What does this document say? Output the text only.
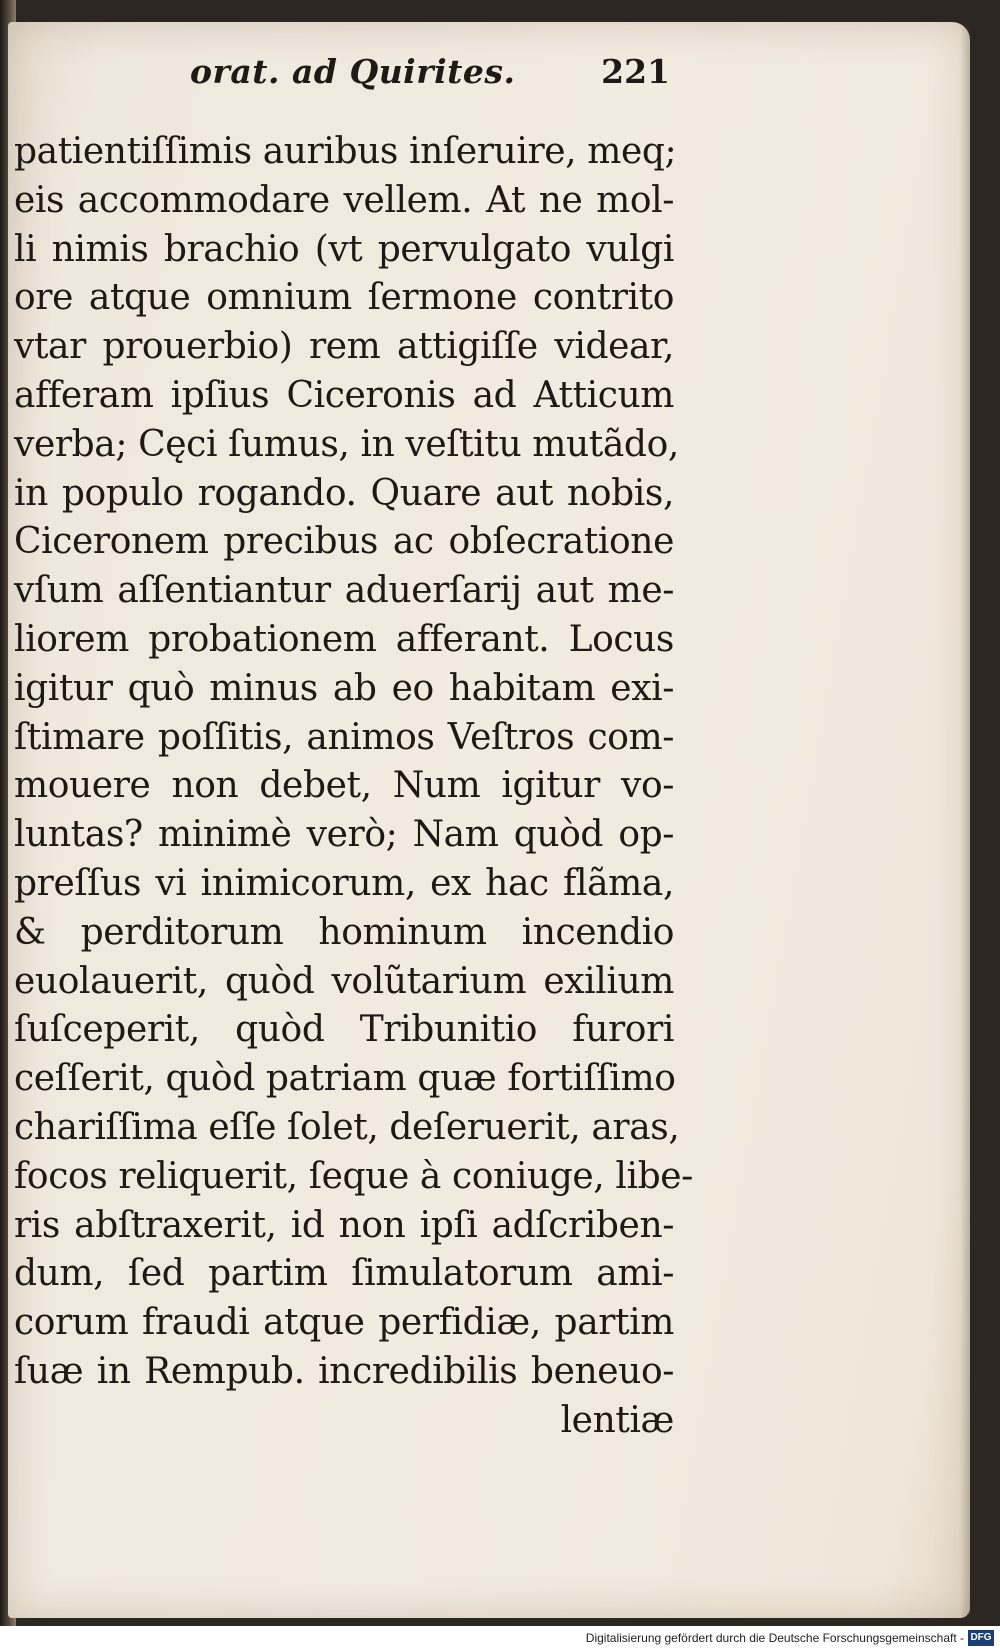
orat. ad Quirites.	221
patientiſſimis auribus inſeruire, meq;
eis accommodare vellem. At ne mol-
li nimis brachio (vt pervulgato vulgi
ore atque omnium ſermone contrito
vtar prouerbio) rem attigiſſe videar,
afferam ipſius Ciceronis ad Atticum
verba; Cęci ſumus, in veſtitu mutãdo,
in populo rogando. Quare aut nobis,
Ciceronem precibus ac obſecratione
vſum aſſentiantur aduerſarij aut me-
liorem probationem afferant. Locus
igitur quò minus ab eo habitam exi-
ſtimare poſſitis, animos Veſtros com-
mouere non debet, Num igitur vo-
luntas? minimè verò; Nam quòd op-
preſſus vi inimicorum, ex hac flãma,
& perditorum hominum incendio
euolauerit, quòd volũtarium exilium
ſuſceperit, quòd Tribunitio furori
ceſſerit, quòd patriam quæ fortiſſimo
chariſſima eſſe ſolet, deſeruerit, aras,
focos reliquerit, ſeque à coniuge, libe-
ris abſtraxerit, id non ipſi adſcriben-
dum, ſed partim ſimulatorum ami-
corum fraudi atque perfidiæ, partim
ſuæ in Rempub. incredibilis beneuo-
lentiæ
Digitalisierung gefördert durch die Deutsche Forschungsgemeinschaft - DFG
